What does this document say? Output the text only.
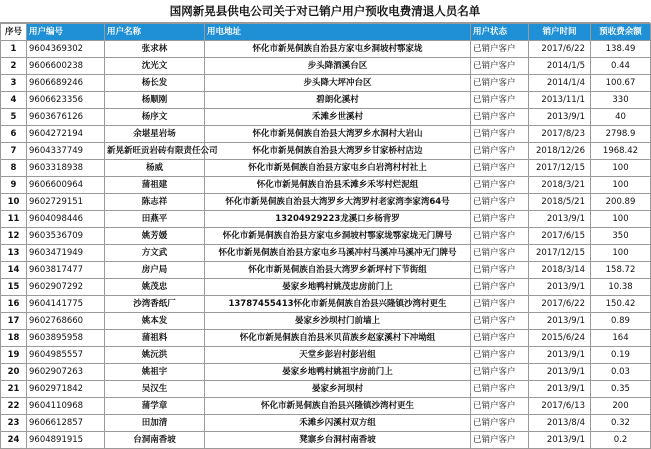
国网新晃县供电公司关于对已销户用户预收电费清退人员名单
序号	用户编号	用户名称	用电地址	用户状态	销户时间	预收费余额
1	9604369302	张求林	怀化市新晃侗族自治县方家屯乡洞坡村鄠家垅	已销户客户	2017/6/22	138.49
2	9606600238	沈光文	步头降酒溪台区	已销户客户	2014/1/5	0.44
3	9606689246	杨长发	步头降大坪冲台区	已销户客户	2014/1/4	100.67
4	9606623356	杨顺刚	碧朗化溪村	已销户客户	2013/11/1	330
5	9603676126	杨序文	禾滩乡世溪村	已销户客户	2013/9/1	40
6	9604272194	余堪星岩场	怀化市新晃侗族自治县大湾罗乡水洞村大岩山	已销户客户	2017/8/23	2798.9
7	9604337749	新晃新旺贡岩砖有限责任公司	怀化市新晃侗族自治县大湾罗乡甘家桥村店边	已销户客户	2018/12/26	1968.42
8	9603318938	杨威	怀化市新晃侗族自治县方家屯乡白岩湾村村社上	已销户客户	2017/12/15	100
9	9606600964	蒲祖建	怀化市新晃侗族自治县禾滩乡禾岑村烂泥组	已销户客户	2018/3/21	100
10	9602729151	陈志祥	怀化市新晃侗族自治县大湾罗乡大湾罗村老家湾李家湾64号	已销户客户	2018/5/21	200.89
11	9604098446	田燕平	13204929223龙溪口乡杨背罗	已销户客户	2013/9/1	100
12	9603536709	姚芳媛	怀化市新晃侗族自治县方家屯乡洞坡村鄠家垅鄠家垅无门牌号	已销户客户	2017/6/15	350
13	9603471949	方文武	怀化市新晃侗族自治县方家屯乡马溪冲村马溪冲马溪冲无门牌号	已销户客户	2017/12/15	100
14	9603817477	房户局	怀化市新晃侗族自治县大湾罗乡新坪村下节街组	已销户客户	2018/3/14	158.72
15	9602907292	姚茂忠	晏家乡地鸭村姚茂忠房前门上	已销户客户	2013/9/1	10.38
16	9604141775	沙湾香纸厂	13787455413怀化市新晃侗族自治县兴隆镇沙湾村更生	已销户客户	2017/6/22	150.42
17	9602768660	姚本发	晏家乡沙坝村门前墙上	已销户客户	2013/9/1	0.89
18	9603895958	蒲祖料	怀化市新晃侗族自治县米贝苗族乡赵家溪村下冲坳组	已销户客户	2015/6/24	164
19	9604985557	姚沅洪	天堂乡彭岩村彭岩组	已销户客户	2013/9/1	0.19
20	9602907263	姚祖宇	晏家乡地鸭村姚祖宇房前门上	已销户客户	2013/9/1	0.03
21	9602971842	吴汉生	晏家乡河坝村	已销户客户	2013/9/1	0.35
22	9604110968	蒲学章	怀化市新晃侗族自治县兴隆镇沙湾村更生	已销户客户	2017/6/13	200
23	9606612857	田加清	禾滩乡闪溪村双方组	已销户客户	2013/8/4	0.32
24	9604891915	台洞南香坡	凳寨乡台洞村南香坡	已销户客户	2013/9/1	0.2
